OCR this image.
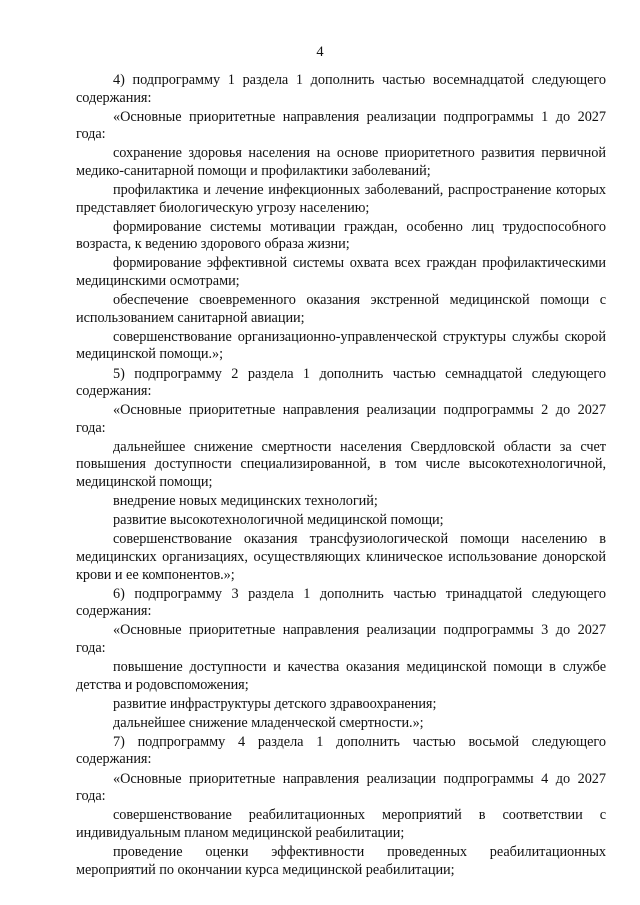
4

4) подпрограмму 1 раздела 1 дополнить частью восемнадцатой следующего содержания:

«Основные приоритетные направления реализации подпрограммы 1 до 2027 года:

сохранение здоровья населения на основе приоритетного развития первичной медико-санитарной помощи и профилактики заболеваний;

профилактика и лечение инфекционных заболеваний, распространение которых представляет биологическую угрозу населению;

формирование системы мотивации граждан, особенно лиц трудоспособного возраста, к ведению здорового образа жизни;

формирование эффективной системы охвата всех граждан профилактическими медицинскими осмотрами;

обеспечение своевременного оказания экстренной медицинской помощи с использованием санитарной авиации;

совершенствование организационно-управленческой структуры службы скорой медицинской помощи.»;

5) подпрограмму 2 раздела 1 дополнить частью семнадцатой следующего содержания:

«Основные приоритетные направления реализации подпрограммы 2 до 2027 года:

дальнейшее снижение смертности населения Свердловской области за счет повышения доступности специализированной, в том числе высокотехнологичной, медицинской помощи;

внедрение новых медицинских технологий;

развитие высокотехнологичной медицинской помощи;

совершенствование оказания трансфузиологической помощи населению в медицинских организациях, осуществляющих клиническое использование донорской крови и ее компонентов.»;

6) подпрограмму 3 раздела 1 дополнить частью тринадцатой следующего содержания:

«Основные приоритетные направления реализации подпрограммы 3 до 2027 года:

повышение доступности и качества оказания медицинской помощи в службе детства и родовспоможения;

развитие инфраструктуры детского здравоохранения;

дальнейшее снижение младенческой смертности.»;

7) подпрограмму 4 раздела 1 дополнить частью восьмой следующего содержания:

«Основные приоритетные направления реализации подпрограммы 4 до 2027 года:

совершенствование реабилитационных мероприятий в соответствии с индивидуальным планом медицинской реабилитации;

проведение оценки эффективности проведенных реабилитационных мероприятий по окончании курса медицинской реабилитации;
